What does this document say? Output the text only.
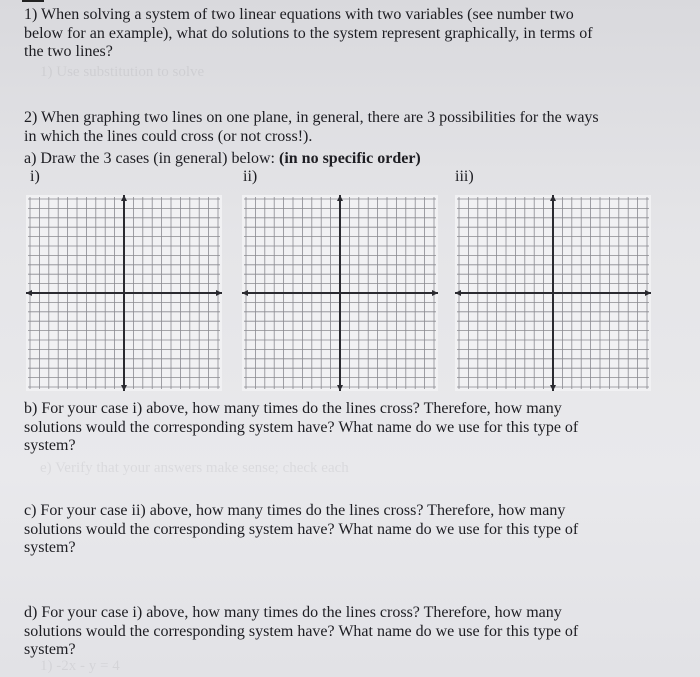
1) When solving a system of two linear equations with two variables (see number two
below for an example), what do solutions to the system represent graphically, in terms of
the two lines?

1) Use substitution to solve

2) When graphing two lines on one plane, in general, there are 3 possibilities for the ways
in which the lines could cross (or not cross!).

a) Draw the 3 cases (in general) below: (in no specific order)

i)	ii)	iii)

b) For your case i) above, how many times do the lines cross? Therefore, how many
solutions would the corresponding system have? What name do we use for this type of
system?

e) Verify that your answers make sense; check each

c) For your case ii) above, how many times do the lines cross? Therefore, how many
solutions would the corresponding system have? What name do we use for this type of
system?

d) For your case i) above, how many times do the lines cross? Therefore, how many
solutions would the corresponding system have? What name do we use for this type of
system?

1) -2x - y = 4
